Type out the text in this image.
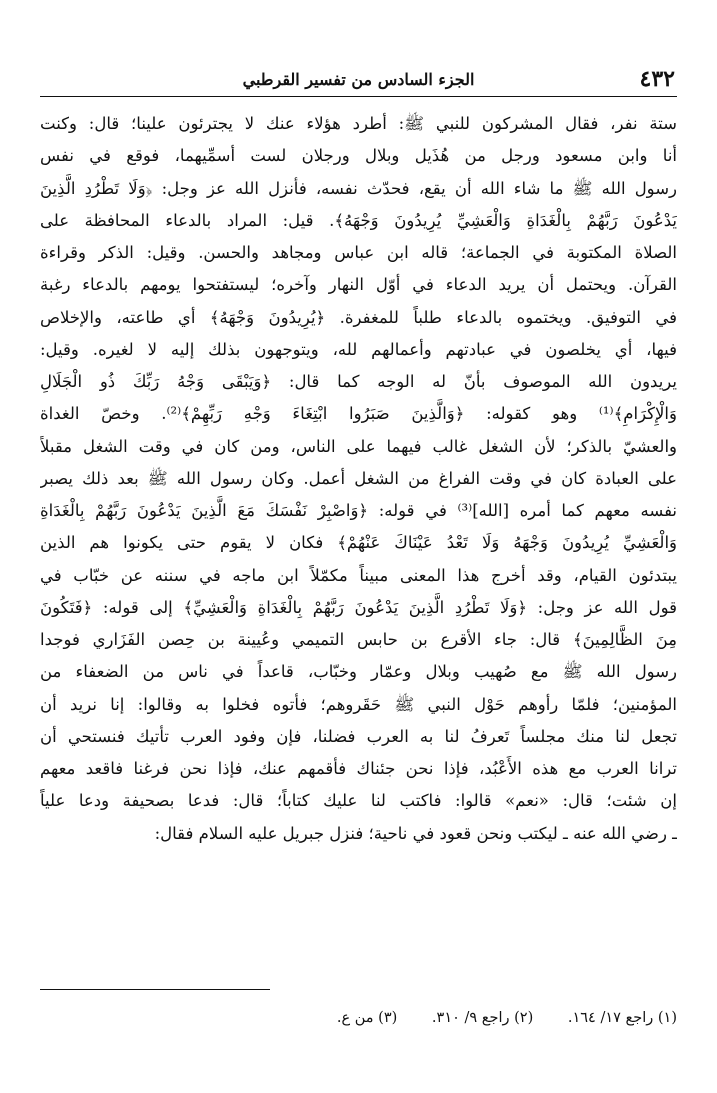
٤٣٢
الجزء السادس من تفسير القرطبي
ستة نفر، فقال المشركون للنبي ﷺ: أطرد هؤلاء عنك لا يجترئون علينا؛ قال: وكنت
أنا وابن مسعود ورجل من هُذَيل وبلال ورجلان لست أسمِّيهما، فوقع في نفس
رسول الله ﷺ ما شاء الله أن يقع، فحدّث نفسه، فأنزل الله عز وجل: ﴿وَلَا تَطْرُدِ الَّذِينَ
يَدْعُونَ رَبَّهُمْ بِالْغَدَاةِ وَالْعَشِيِّ يُرِيدُونَ وَجْهَهُ﴾. قيل: المراد بالدعاء المحافظة على
الصلاة المكتوبة في الجماعة؛ قاله ابن عباس ومجاهد والحسن. وقيل: الذكر وقراءة
القرآن. ويحتمل أن يريد الدعاء في أوّل النهار وآخره؛ ليستفتحوا يومهم بالدعاء رغبة
في التوفيق. ويختموه بالدعاء طلباً للمغفرة. ﴿يُرِيدُونَ وَجْهَهُ﴾ أي طاعته، والإخلاص
فيها، أي يخلصون في عبادتهم وأعمالهم لله، ويتوجهون بذلك إليه لا لغيره. وقيل:
يريدون الله الموصوف بأنّ له الوجه كما قال: ﴿وَيَبْقَى وَجْهُ رَبِّكَ ذُو الْجَلَالِ
وَالْإِكْرَامِ﴾⁽¹⁾ وهو كقوله: ﴿وَالَّذِينَ صَبَرُوا ابْتِغَاءَ وَجْهِ رَبِّهِمْ﴾⁽²⁾. وخصّ الغداة
والعشيّ بالذكر؛ لأن الشغل غالب فيهما على الناس، ومن كان في وقت الشغل مقبلاً
على العبادة كان في وقت الفراغ من الشغل أعمل. وكان رسول الله ﷺ بعد ذلك يصبر
نفسه معهم كما أمره [الله]⁽³⁾ في قوله: ﴿وَاصْبِرْ نَفْسَكَ مَعَ الَّذِينَ يَدْعُونَ رَبَّهُمْ بِالْغَدَاةِ
وَالْعَشِيِّ يُرِيدُونَ وَجْهَهُ وَلَا تَعْدُ عَيْنَاكَ عَنْهُمْ﴾ فكان لا يقوم حتى يكونوا هم الذين
يبتدئون القيام، وقد أخرج هذا المعنى مبيناً مكمّلاً ابن ماجه في سننه عن خبّاب في
قول الله عز وجل: ﴿وَلَا تَطْرُدِ الَّذِينَ يَدْعُونَ رَبَّهُمْ بِالْغَدَاةِ وَالْعَشِيِّ﴾ إلى قوله: ﴿فَتَكُونَ
مِنَ الظَّالِمِينَ﴾ قال: جاء الأقرع بن حابس التميمي وعُيينة بن حِصن الفَزَاري فوجدا
رسول الله ﷺ مع صُهيب وبلال وعمّار وخبّاب، قاعداً في ناس من الضعفاء من
المؤمنين؛ فلمّا رأوهم حَوْل النبي ﷺ حَقَروهم؛ فأتوه فخلوا به وقالوا: إنا نريد أن
تجعل لنا منك مجلساً تَعرفُ لنا به العرب فضلنا، فإن وفود العرب تأتيك فنستحي أن
ترانا العرب مع هذه الأَعْبُد، فإذا نحن جئناك فأقمهم عنك، فإذا نحن فرغنا فاقعد معهم
إن شئت؛ قال: «نعم» قالوا: فاكتب لنا عليك كتاباً؛ قال: فدعا بصحيفة ودعا علياً
ـ رضي الله عنه ـ ليكتب ونحن قعود في ناحية؛ فنزل جبريل عليه السلام فقال:
(١) راجع ١٧/ ١٦٤. (٢) راجع ٩/ ٣١٠. (٣) من ع.
